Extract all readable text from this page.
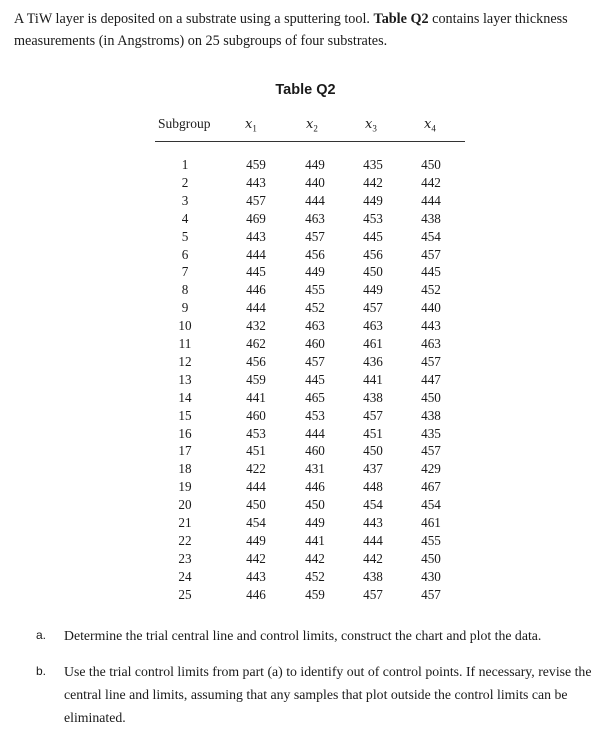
A TiW layer is deposited on a substrate using a sputtering tool. Table Q2 contains layer thickness measurements (in Angstroms) on 25 subgroups of four substrates.
Table Q2
Subgroup	$x_1$	$x_2$	$x_3$	$x_4$
1	459	449	435	450
2	443	440	442	442
3	457	444	449	444
4	469	463	453	438
5	443	457	445	454
6	444	456	456	457
7	445	449	450	445
8	446	455	449	452
9	444	452	457	440
10	432	463	463	443
11	462	460	461	463
12	456	457	436	457
13	459	445	441	447
14	441	465	438	450
15	460	453	457	438
16	453	444	451	435
17	451	460	450	457
18	422	431	437	429
19	444	446	448	467
20	450	450	454	454
21	454	449	443	461
22	449	441	444	455
23	442	442	442	450
24	443	452	438	430
25	446	459	457	457
a. Determine the trial central line and control limits, construct the chart and plot the data.
b. Use the trial control limits from part (a) to identify out of control points. If necessary, revise the central line and limits, assuming that any samples that plot outside the control limits can be eliminated.
